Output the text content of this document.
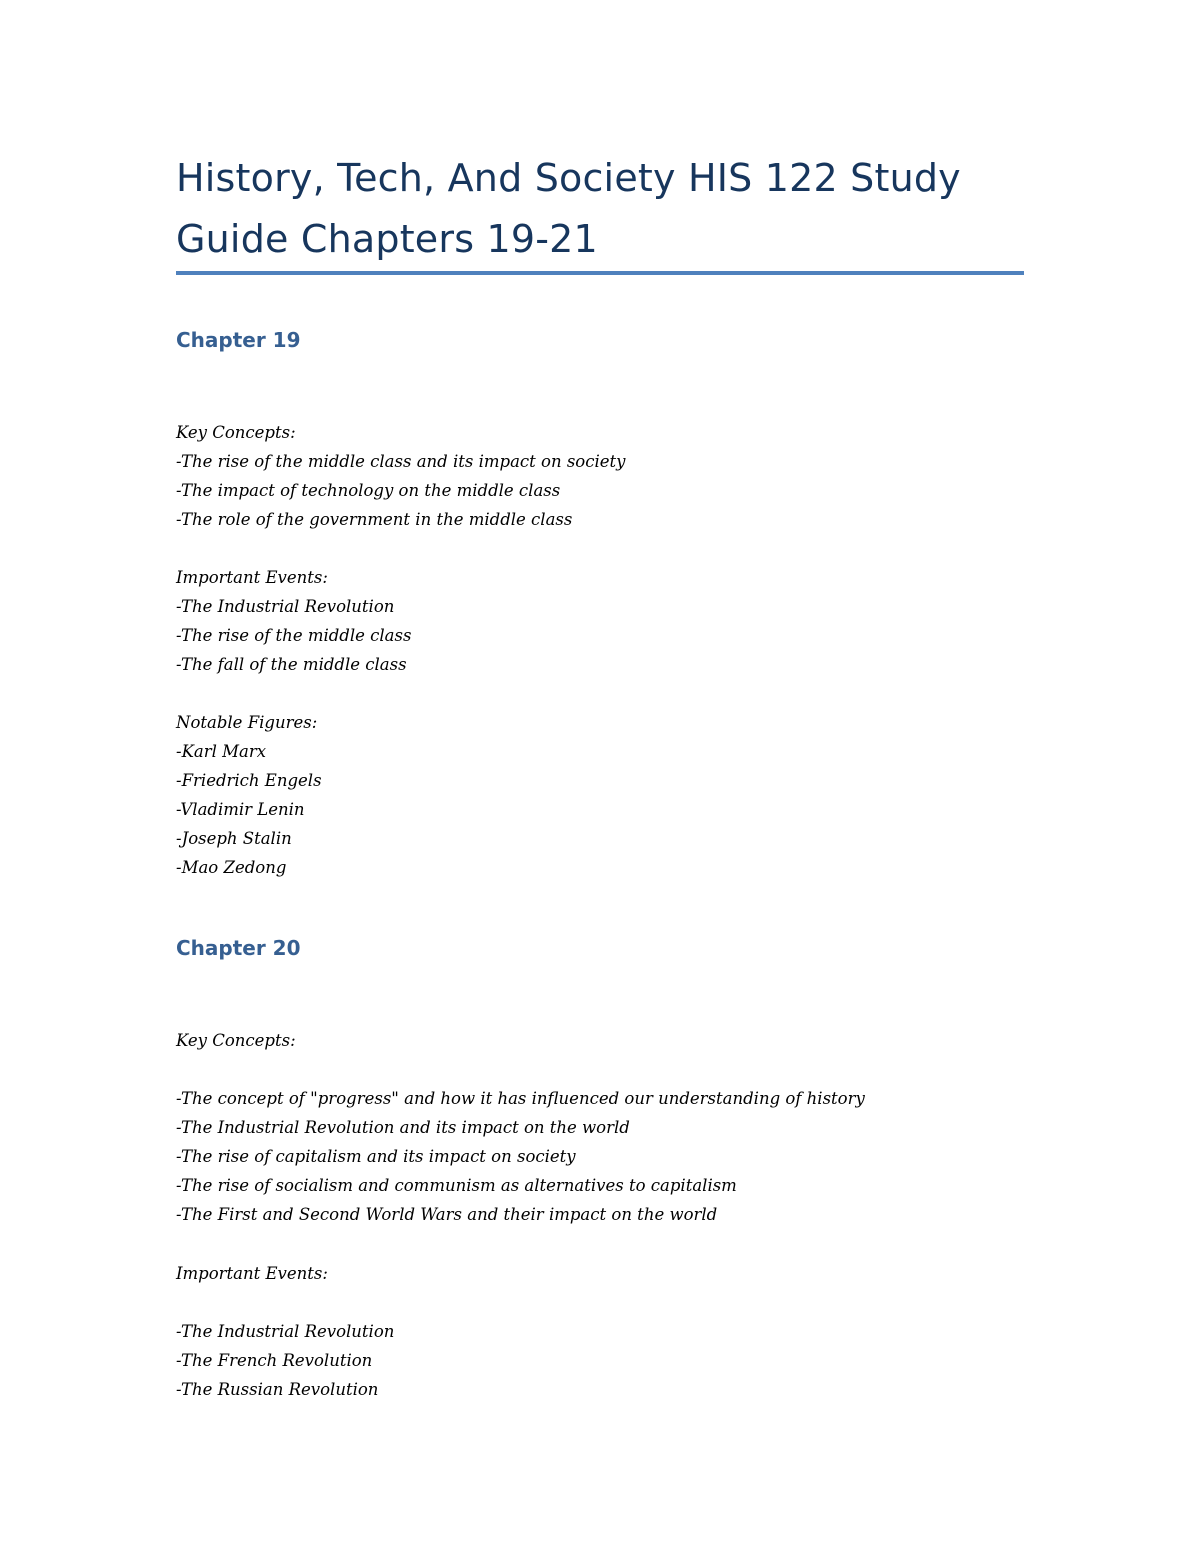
History, Tech, And Society HIS 122 Study Guide Chapters 19-21
Chapter 19

Key Concepts:

-The rise of the middle class and its impact on society

-The impact of technology on the middle class

-The role of the government in the middle class

Important Events:

-The Industrial Revolution

-The rise of the middle class

-The fall of the middle class

Notable Figures:

-Karl Marx

-Friedrich Engels

-Vladimir Lenin

-Joseph Stalin

-Mao Zedong

Chapter 20

Key Concepts:

-The concept of "progress" and how it has influenced our understanding of history

-The Industrial Revolution and its impact on the world

-The rise of capitalism and its impact on society

-The rise of socialism and communism as alternatives to capitalism

-The First and Second World Wars and their impact on the world

Important Events:

-The Industrial Revolution

-The French Revolution

-The Russian Revolution
